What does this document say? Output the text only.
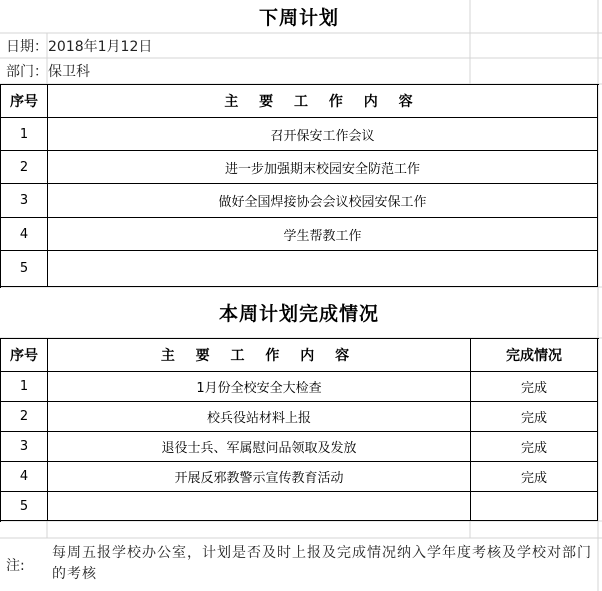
下周计划
日期：2018年1月12日
部门：保卫科
序号	主 要 工 作 内 容
1	召开保安工作会议
2	进一步加强期末校园安全防范工作
3	做好全国焊接协会会议校园安保工作
4	学生帮教工作
5
本周计划完成情况
序号	主 要 工 作 内 容	完成情况
1	1月份全校安全大检查	完成
2	校兵役站材料上报	完成
3	退役士兵、军属慰问品领取及发放	完成
4	开展反邪教警示宣传教育活动	完成
5
注:
每周五报学校办公室，计划是否及时上报及完成情况纳入学年度考核及学校对部门的考核
